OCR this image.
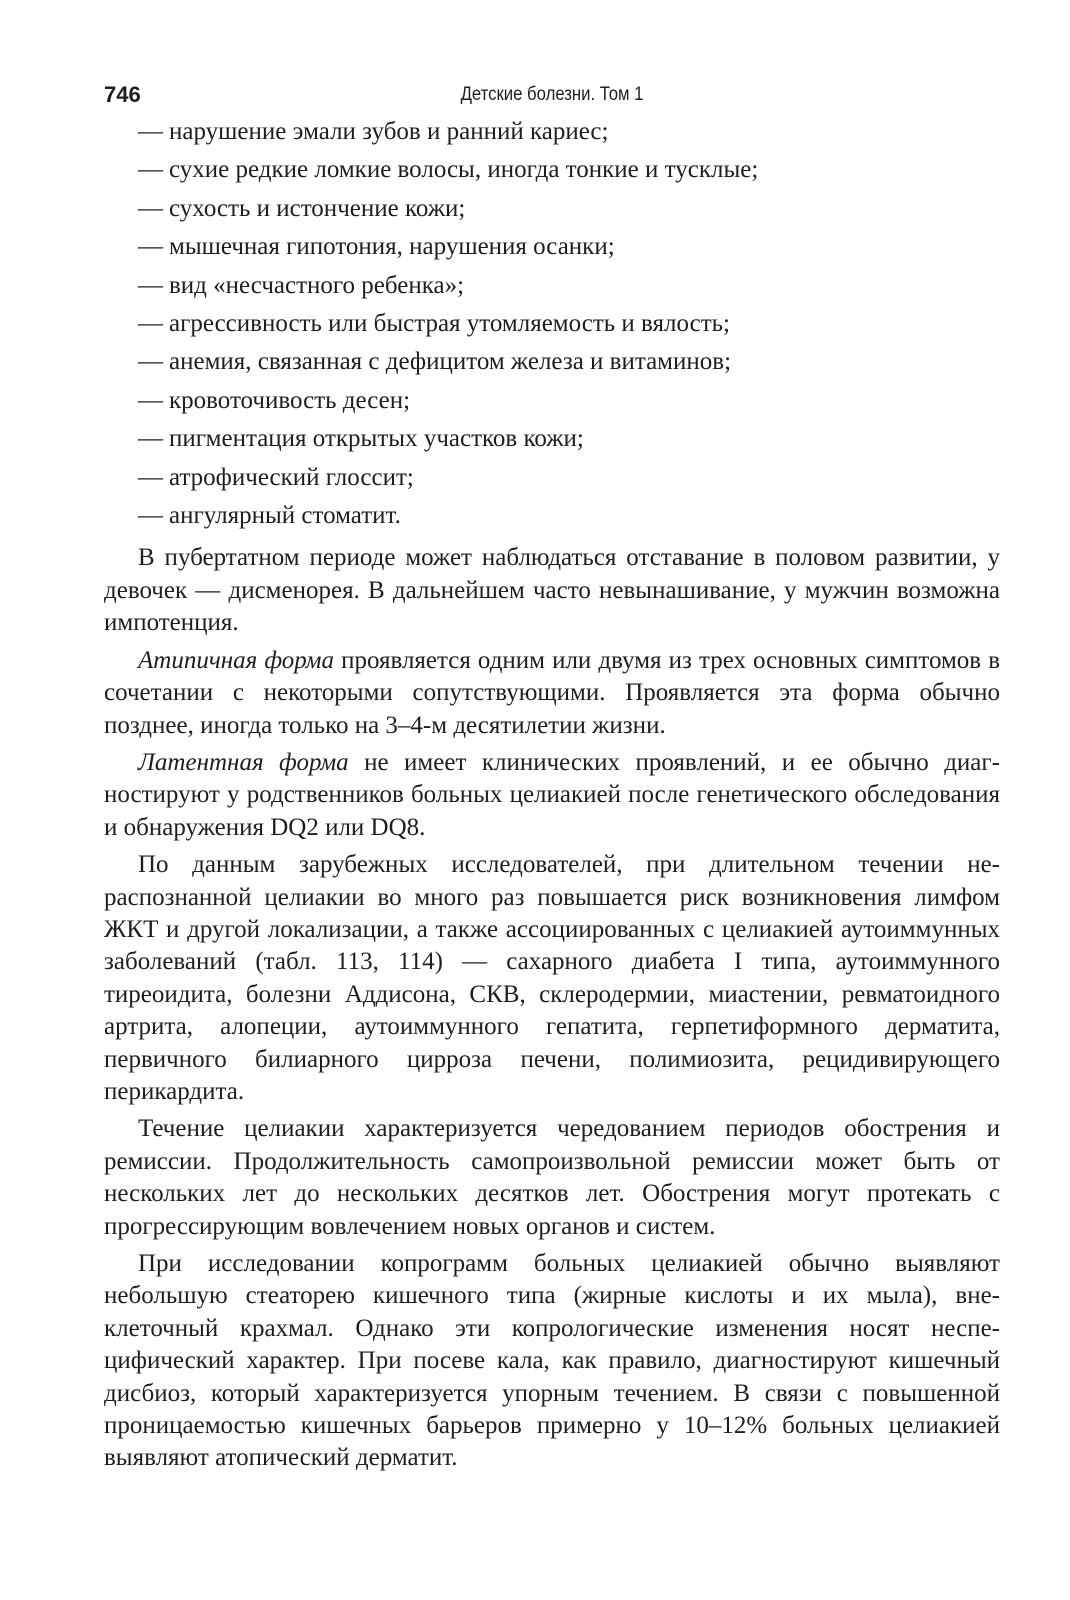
746	Детские болезни. Том 1
— нарушение эмали зубов и ранний кариес;
— сухие редкие ломкие волосы, иногда тонкие и тусклые;
— сухость и истончение кожи;
— мышечная гипотония, нарушения осанки;
— вид «несчастного ребенка»;
— агрессивность или быстрая утомляемость и вялость;
— анемия, связанная с дефицитом железа и витаминов;
— кровоточивость десен;
— пигментация открытых участков кожи;
— атрофический глоссит;
— ангулярный стоматит.

В пубертатном периоде может наблюдаться отставание в половом развитии, у девочек — дисменорея. В дальнейшем часто невынашивание, у мужчин возможна импотенция.

Атипичная форма проявляется одним или двумя из трех основных симптомов в сочетании с некоторыми сопутствующими. Проявляется эта форма обычно позднее, иногда только на 3–4-м десятилетии жизни.

Латентная форма не имеет клинических проявлений, и ее обычно диагностируют у родственников больных целиакией после генетического обследования и обнаружения DQ2 или DQ8.

По данным зарубежных исследователей, при длительном течении нераспознанной целиакии во много раз повышается риск возникновения лимфом ЖКТ и другой локализации, а также ассоциированных с целиакией аутоиммунных заболеваний (табл. 113, 114) — сахарного диабета I типа, аутоиммунного тиреоидита, болезни Аддисона, СКВ, склеродермии, миастении, ревматоидного артрита, алопеции, аутоиммунного гепатита, герпетиформного дерматита, первичного билиарного цирроза печени, полимиозита, рецидивирующего перикардита.

Течение целиакии характеризуется чередованием периодов обострения и ремиссии. Продолжительность самопроизвольной ремиссии может быть от нескольких лет до нескольких десятков лет. Обострения могут протекать с прогрессирующим вовлечением новых органов и систем.

При исследовании копрограмм больных целиакией обычно выявляют небольшую стеаторею кишечного типа (жирные кислоты и их мыла), внеклеточный крахмал. Однако эти копрологические изменения носят неспецифический характер. При посеве кала, как правило, диагностируют кишечный дисбиоз, который характеризуется упорным течением. В связи с повышенной проницаемостью кишечных барьеров примерно у 10–12% больных целиакией выявляют атопический дерматит.
